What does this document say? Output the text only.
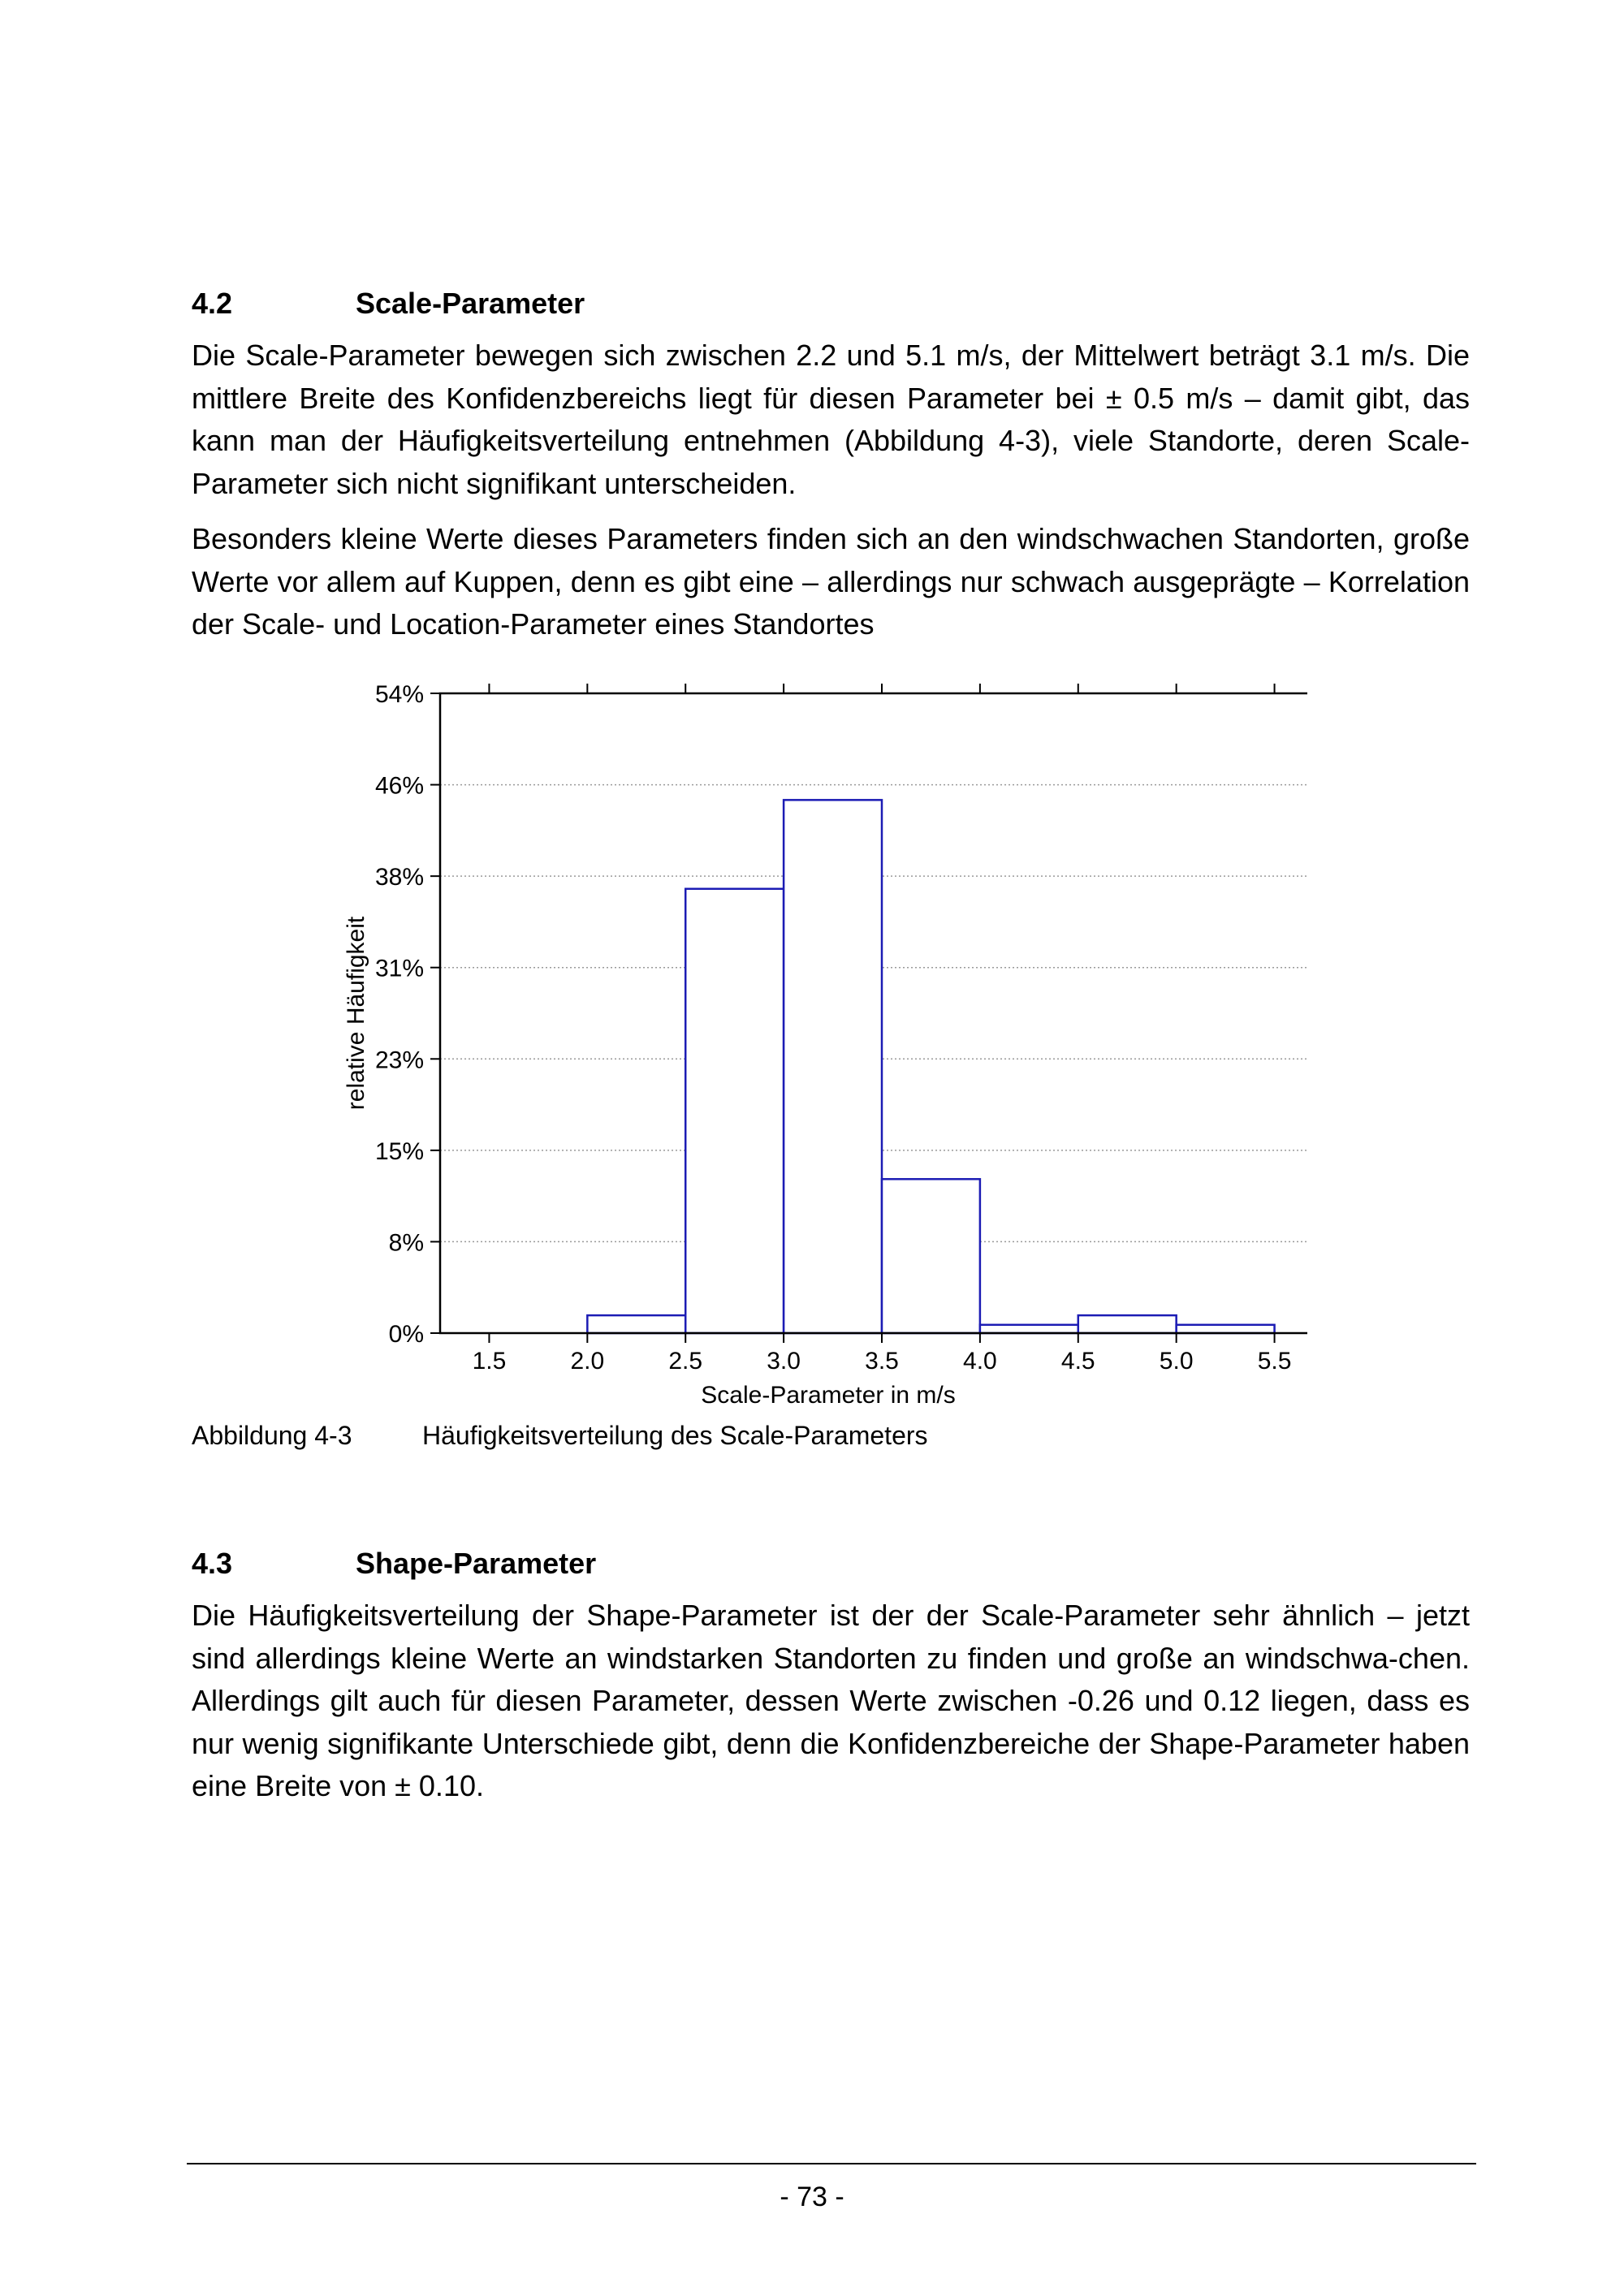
4.2	Scale-Parameter

Die Scale-Parameter bewegen sich zwischen 2.2 und 5.1 m/s, der Mittelwert beträgt 3.1 m/s. Die mittlere Breite des Konfidenzbereichs liegt für diesen Parameter bei ± 0.5 m/s – damit gibt, das kann man der Häufigkeitsverteilung entnehmen (Abbildung 4-3), viele Standorte, deren Scale-Parameter sich nicht signifikant unterscheiden.

Besonders kleine Werte dieses Parameters finden sich an den windschwachen Standorten, große Werte vor allem auf Kuppen, denn es gibt eine – allerdings nur schwach ausgeprägte – Korrelation der Scale- und Location-Parameter eines Standortes

0%
8%
15%
23%
31%
38%
46%
54%
1.5	2.0	2.5	3.0	3.5	4.0	4.5	5.0	5.5
Scale-Parameter in m/s
relative Häufigkeit
Abbildung 4-3	Häufigkeitsverteilung des Scale-Parameters
4.3	Shape-Parameter

Die Häufigkeitsverteilung der Shape-Parameter ist der der Scale-Parameter sehr ähnlich – jetzt sind allerdings kleine Werte an windstarken Standorten zu finden und große an windschwa-chen. Allerdings gilt auch für diesen Parameter, dessen Werte zwischen -0.26 und 0.12 liegen, dass es nur wenig signifikante Unterschiede gibt, denn die Konfidenzbereiche der Shape-Parameter haben eine Breite von ± 0.10.

- 73 -
